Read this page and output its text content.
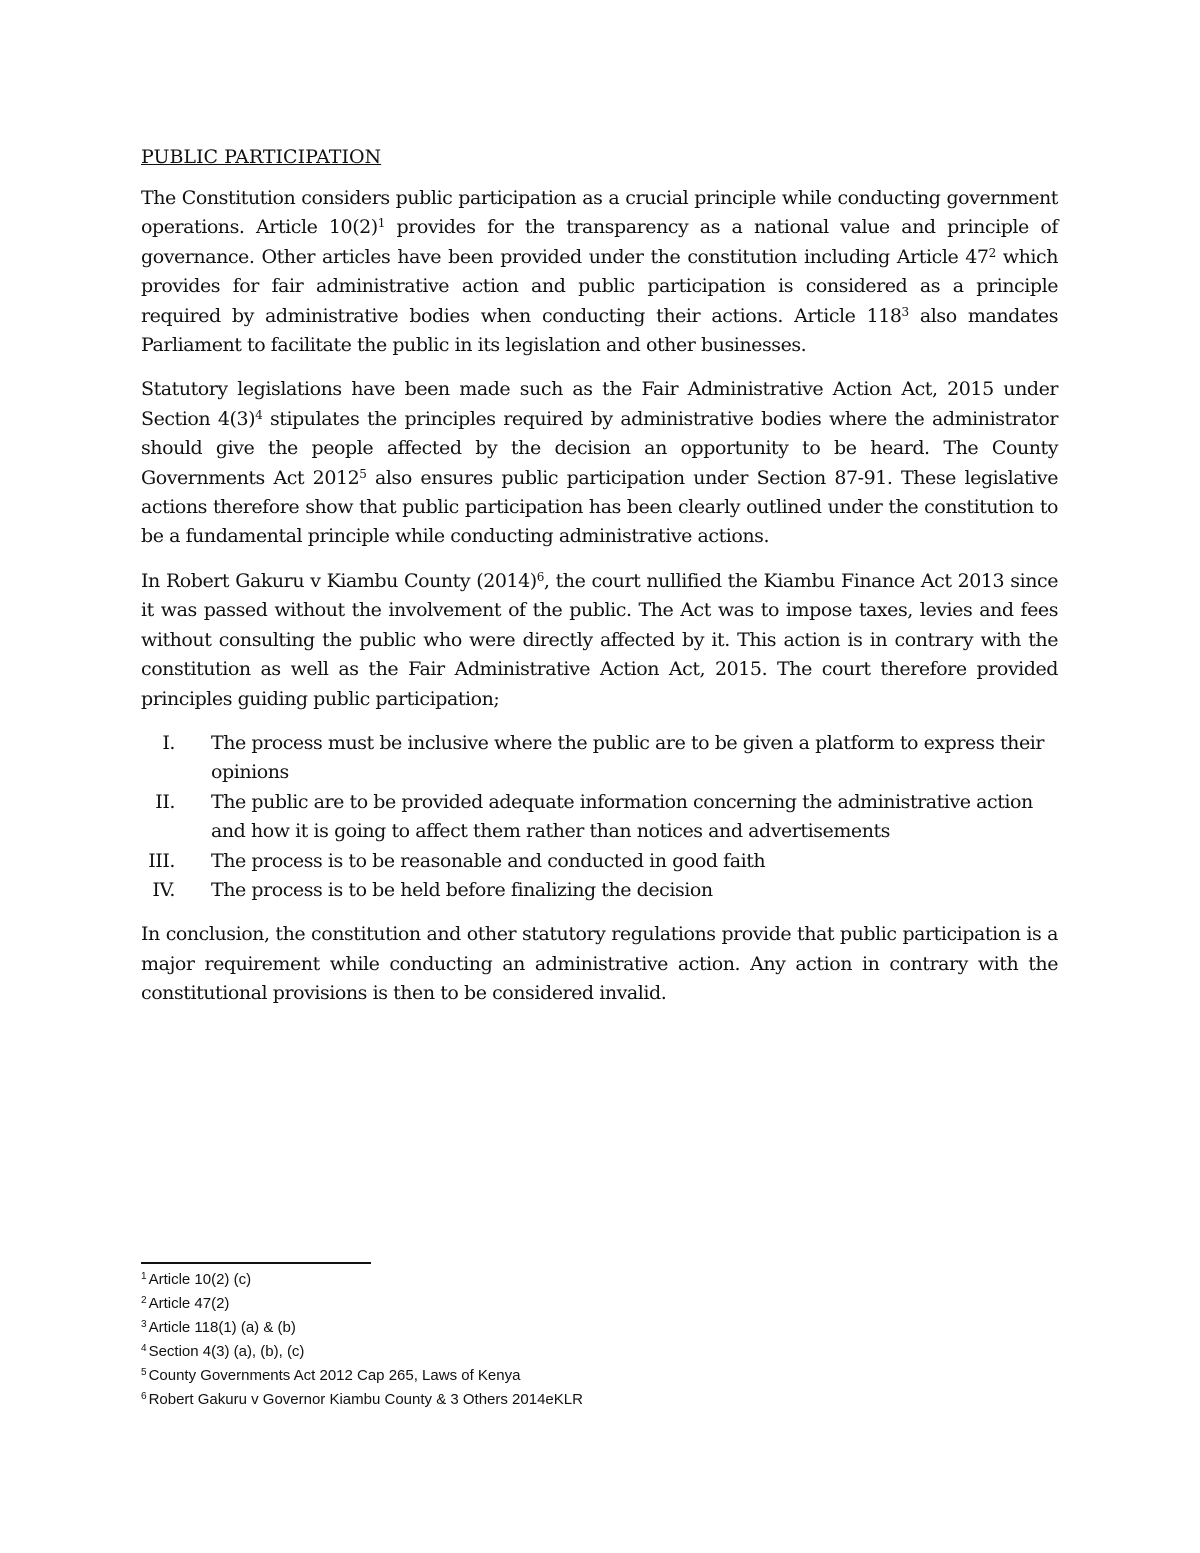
PUBLIC PARTICIPATION

The Constitution considers public participation as a crucial principle while conducting government operations. Article $10(2)^1$ provides for the transparency as a national value and principle of governance. Other articles have been provided under the constitution including Article $47^2$ which provides for fair administrative action and public participation is considered as a principle required by administrative bodies when conducting their actions. Article $118^3$ also mandates Parliament to facilitate the public in its legislation and other businesses.

Statutory legislations have been made such as the Fair Administrative Action Act, 2015 under Section $4(3)^4$ stipulates the principles required by administrative bodies where the administrator should give the people affected by the decision an opportunity to be heard. The County Governments Act 2012$^5$ also ensures public participation under Section 87-91. These legislative actions therefore show that public participation has been clearly outlined under the constitution to be a fundamental principle while conducting administrative actions.

In Robert Gakuru v Kiambu County $(2014)^6$, the court nullified the Kiambu Finance Act 2013 since it was passed without the involvement of the public. The Act was to impose taxes, levies and fees without consulting the public who were directly affected by it. This action is in contrary with the constitution as well as the Fair Administrative Action Act, 2015. The court therefore provided principles guiding public participation;

I. The process must be inclusive where the public are to be given a platform to express their opinions
II. The public are to be provided adequate information concerning the administrative action and how it is going to affect them rather than notices and advertisements
III. The process is to be reasonable and conducted in good faith
IV. The process is to be held before finalizing the decision

In conclusion, the constitution and other statutory regulations provide that public participation is a major requirement while conducting an administrative action. Any action in contrary with the constitutional provisions is then to be considered invalid.

$^1$ Article 10(2) (c)
$^2$ Article 47(2)
$^3$ Article 118(1) (a) & (b)
$^4$ Section 4(3) (a), (b), (c)
$^5$ County Governments Act 2012 Cap 265, Laws of Kenya
$^6$ Robert Gakuru v Governor Kiambu County & 3 Others 2014eKLR
